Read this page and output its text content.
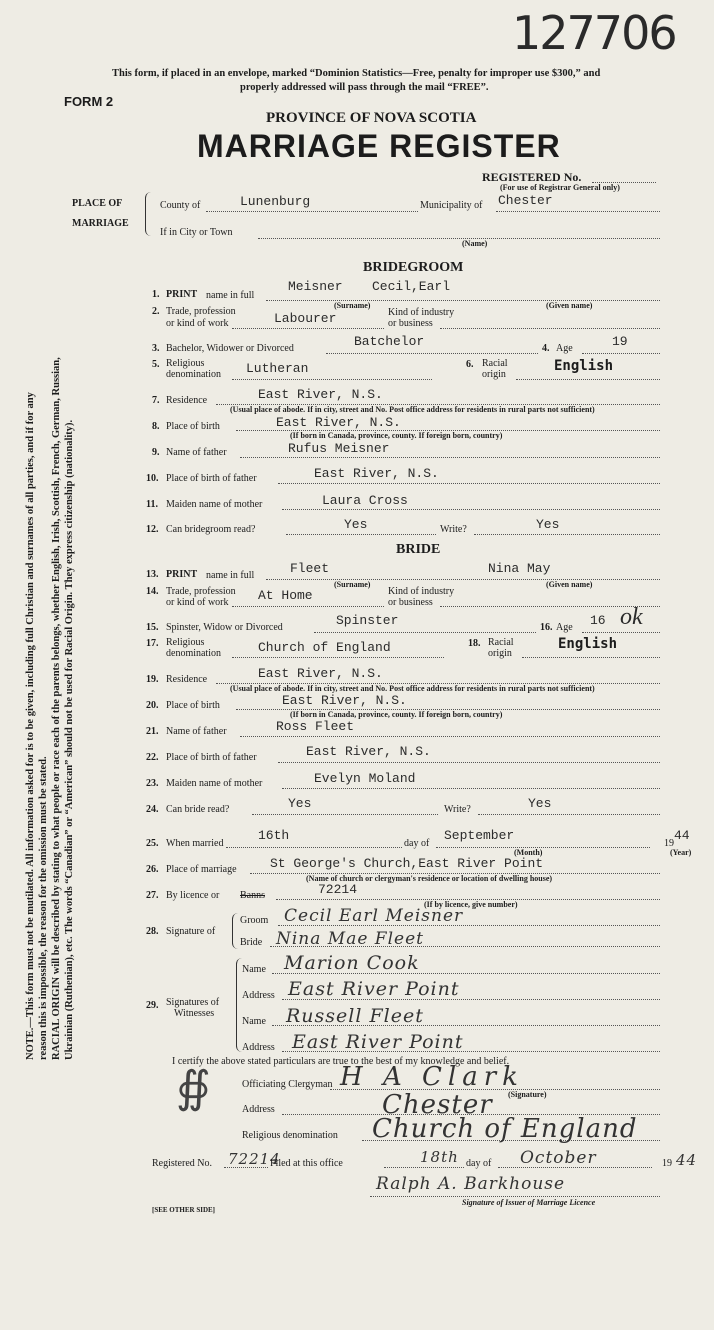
127706
This form, if placed in an envelope, marked “Dominion Statistics—Free, penalty for improper use $300,” and
properly addressed will pass through the mail “FREE”.
FORM 2
PROVINCE OF NOVA SCOTIA
MARRIAGE REGISTER
REGISTERED No.
(For use of Registrar General only)
PLACE OF
MARRIAGE
County of	Lunenburg	Municipality of Chester
If in City or Town
(Name)
BRIDEGROOM
1. PRINT name in full
Meisner Cecil,Earl
(Surname)	(Given name)
2. Trade, profession
or kind of work	Labourer	Kind of industry
or business
3. Bachelor, Widower or Divorced	Batchelor	4. Age	19
5. Religious
denomination Lutheran	6. Racial
origin
English
7. Residence	East River, N.S.
(Usual place of abode. If in city, street and No. Post office address for residents in rural parts not sufficient)
8. Place of birth	East River, N.S.
(If born in Canada, province, county. If foreign born, country)
9. Name of father	Rufus Meisner
10. Place of birth of father	East River, N.S.
11. Maiden name of mother	Laura Cross
12. Can bridegroom read?	Yes	Write?	Yes
BRIDE
13. PRINT name in full	Fleet	Nina May
(Surname)	(Given name)
14. Trade, profession
or kind of work At Home	Kind of industry
or business
15. Spinster, Widow or Divorced	Spinster	16. Age 16 ok
17. Religious
denomination	Church of England	18. Racial
origin
English
19. Residence	East River, N.S.
(Usual place of abode. If in city, street and No. Post office address for residents in rural parts not sufficient)
20. Place of birth	East River, N.S.
(If born in Canada, province, county. If foreign born, country)
21. Name of father	Ross Fleet
22. Place of birth of father	East River, N.S.
23. Maiden name of mother	Evelyn Moland
24. Can bride read?	Yes	Write?	Yes
25. When married
16th
day of
September
19
44
(Month)	(Year)
26. Place of marriage	St George's Church,East River Point
(Name of church or clergyman's residence or location of dwelling house)
27. By licence or Banns	72214
(If by licence, give number)
28. Signature of
Groom Cecil Earl Meisner
Bride Nina Mae Fleet
29. Signatures of
Witnesses
Name Marion Cook
Address East River Point
Name Russell Fleet
Address East River Point
I certify the above stated particulars are true to the best of my knowledge and belief.
∯	Officiating Clergyman H A Clark
(Signature)
Address	Chester
Religious denomination Church of England
Registered No. 72214
Filed at this office	18th day of October	19 44
Ralph A. Barkhouse
Signature of Issuer of Marriage Licence
[SEE OTHER SIDE]
NOTE.—This form must not be mutilated. All information asked for is to be given, including full Christian and surnames of all parties, and if for any reason this is impossible, the reason for the omission must be stated. RACIAL ORIGIN will be described by stating to what people or race each of the parents belongs, whether English, Irish, Scottish, French, German, Russian, Ukrainian (Ruthenian), etc. The words “Canadian” or “American” should not be used for Racial Origin. They express citizenship (nationality).
